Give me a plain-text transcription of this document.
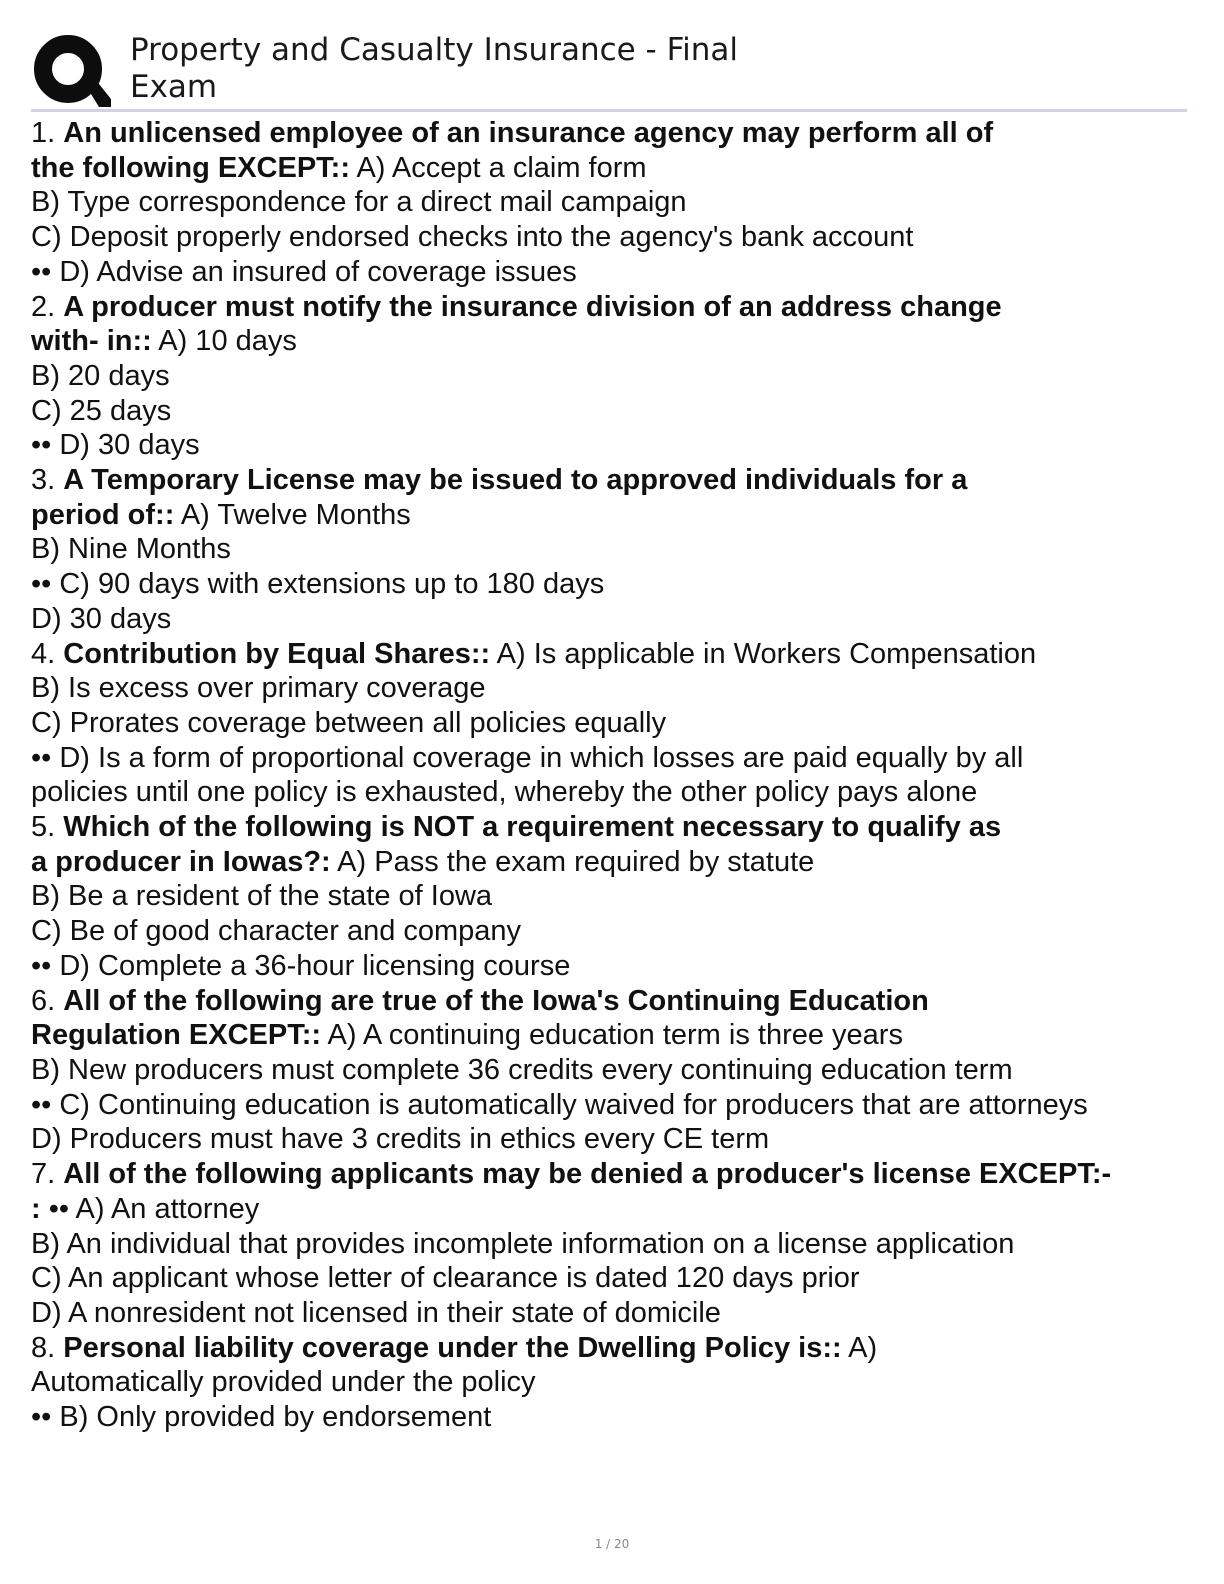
Property and Casualty Insurance - Final
Exam
1. An unlicensed employee of an insurance agency may perform all of
the following EXCEPT:: A) Accept a claim form
B) Type correspondence for a direct mail campaign
C) Deposit properly endorsed checks into the agency's bank account
•• D) Advise an insured of coverage issues
2. A producer must notify the insurance division of an address change
with- in:: A) 10 days
B) 20 days
C) 25 days
•• D) 30 days
3. A Temporary License may be issued to approved individuals for a
period of:: A) Twelve Months
B) Nine Months
•• C) 90 days with extensions up to 180 days
D) 30 days
4. Contribution by Equal Shares:: A) Is applicable in Workers Compensation
B) Is excess over primary coverage
C) Prorates coverage between all policies equally
•• D) Is a form of proportional coverage in which losses are paid equally by all
policies until one policy is exhausted, whereby the other policy pays alone
5. Which of the following is NOT a requirement necessary to qualify as
a producer in Iowas?: A) Pass the exam required by statute
B) Be a resident of the state of Iowa
C) Be of good character and company
•• D) Complete a 36-hour licensing course
6. All of the following are true of the Iowa's Continuing Education
Regulation EXCEPT:: A) A continuing education term is three years
B) New producers must complete 36 credits every continuing education term
•• C) Continuing education is automatically waived for producers that are attorneys
D) Producers must have 3 credits in ethics every CE term
7. All of the following applicants may be denied a producer's license EXCEPT:-
: •• A) An attorney
B) An individual that provides incomplete information on a license application
C) An applicant whose letter of clearance is dated 120 days prior
D) A nonresident not licensed in their state of domicile
8. Personal liability coverage under the Dwelling Policy is:: A)
Automatically provided under the policy
•• B) Only provided by endorsement
1 / 20
